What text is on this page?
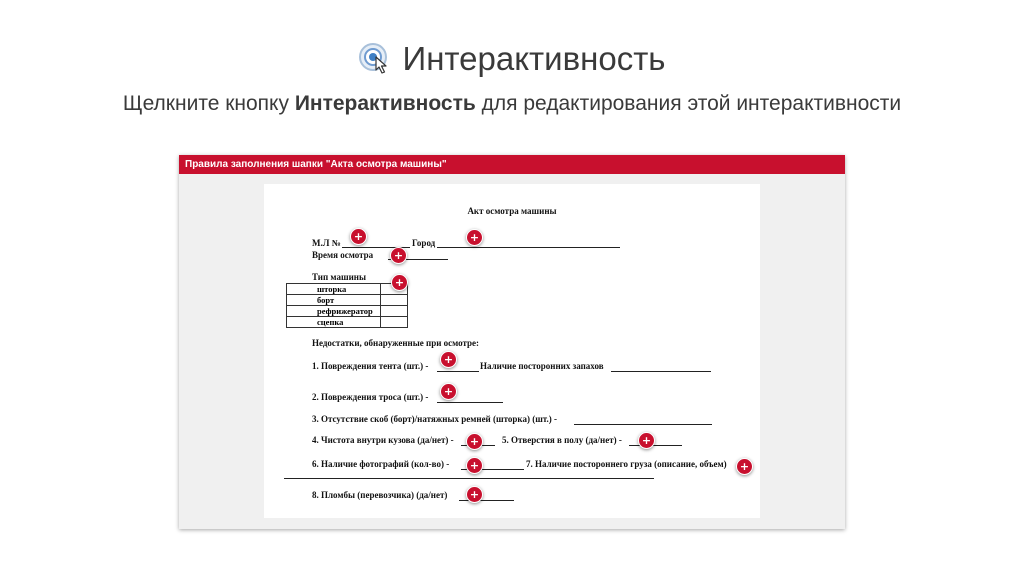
Интерактивность
Щелкните кнопку Интерактивность для редактирования этой интерактивности
Правила заполнения шапки "Акта осмотра машины"
Акт осмотра машины
М.Л №	Город
Время осмотра
Тип машины
шторка	
борт	
рефрижератор	
сцепка	
Недостатки, обнаруженные при осмотре:
1. Повреждения тента (шт.) -	Наличие посторонних запахов
2. Повреждения троса (шт.) -
3. Отсутствие скоб (борт)/натяжных ремней (шторка) (шт.) -
4. Чистота внутри кузова (да/нет) -	5. Отверстия в полу (да/нет) -
6. Наличие фотографий (кол-во) -	7. Наличие постороннего груза (описание, объем)
8. Пломбы (перевозчика) (да/нет)
+	+
+
+
+
+
+	+
+	+
+
